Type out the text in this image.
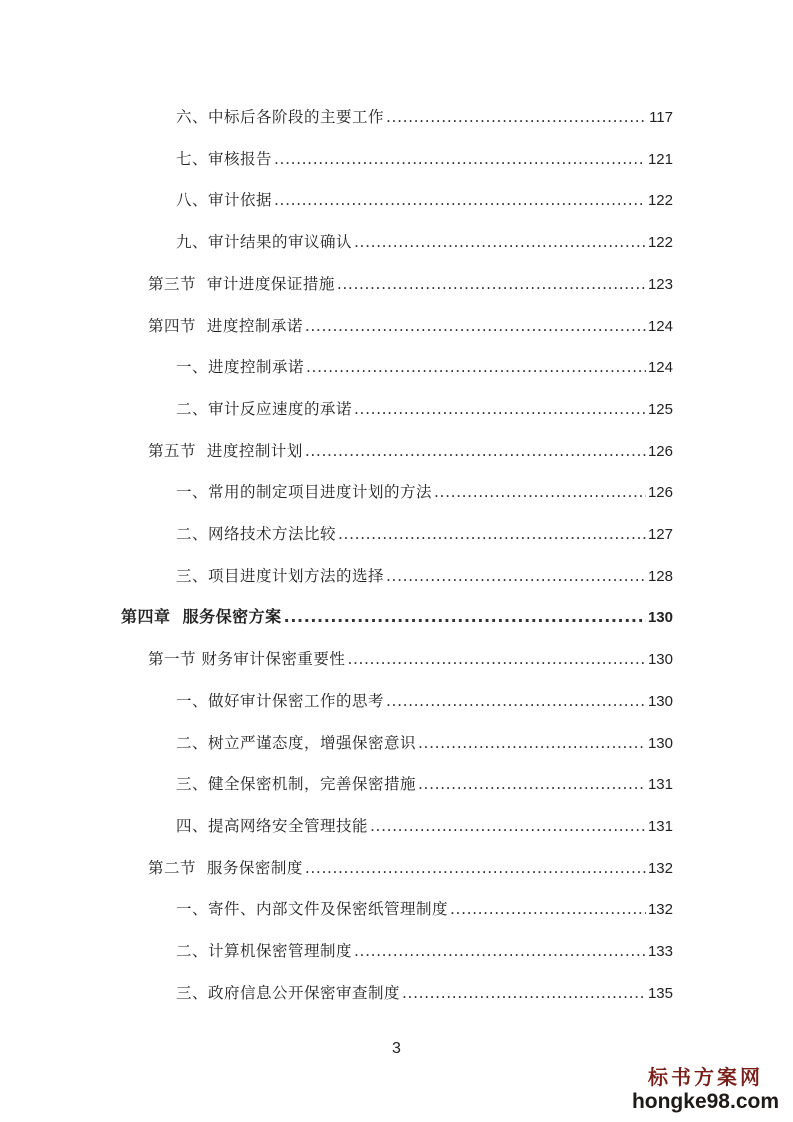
六、中标后各阶段的主要工作 .....	117
七、审核报告 .....	121
八、审计依据 .....	122
九、审计结果的审议确认 .....	122
第三节  审计进度保证措施 .....	123
第四节  进度控制承诺 .....	124
一、进度控制承诺 .....	124
二、审计反应速度的承诺 .....	125
第五节  进度控制计划 .....	126
一、常用的制定项目进度计划的方法 .....	126
二、网络技术方法比较 .....	127
三、项目进度计划方法的选择 .....	128
第四章  服务保密方案 .....	130
第一节 财务审计保密重要性 .....	130
一、做好审计保密工作的思考 .....	130
二、树立严谨态度，增强保密意识 .....	130
三、健全保密机制，完善保密措施 .....	131
四、提高网络安全管理技能 .....	131
第二节  服务保密制度 .....	132
一、寄件、内部文件及保密纸管理制度 .....	132
二、计算机保密管理制度 .....	133
三、政府信息公开保密审查制度 .....	135
3
标书方案网
hongke98.com
